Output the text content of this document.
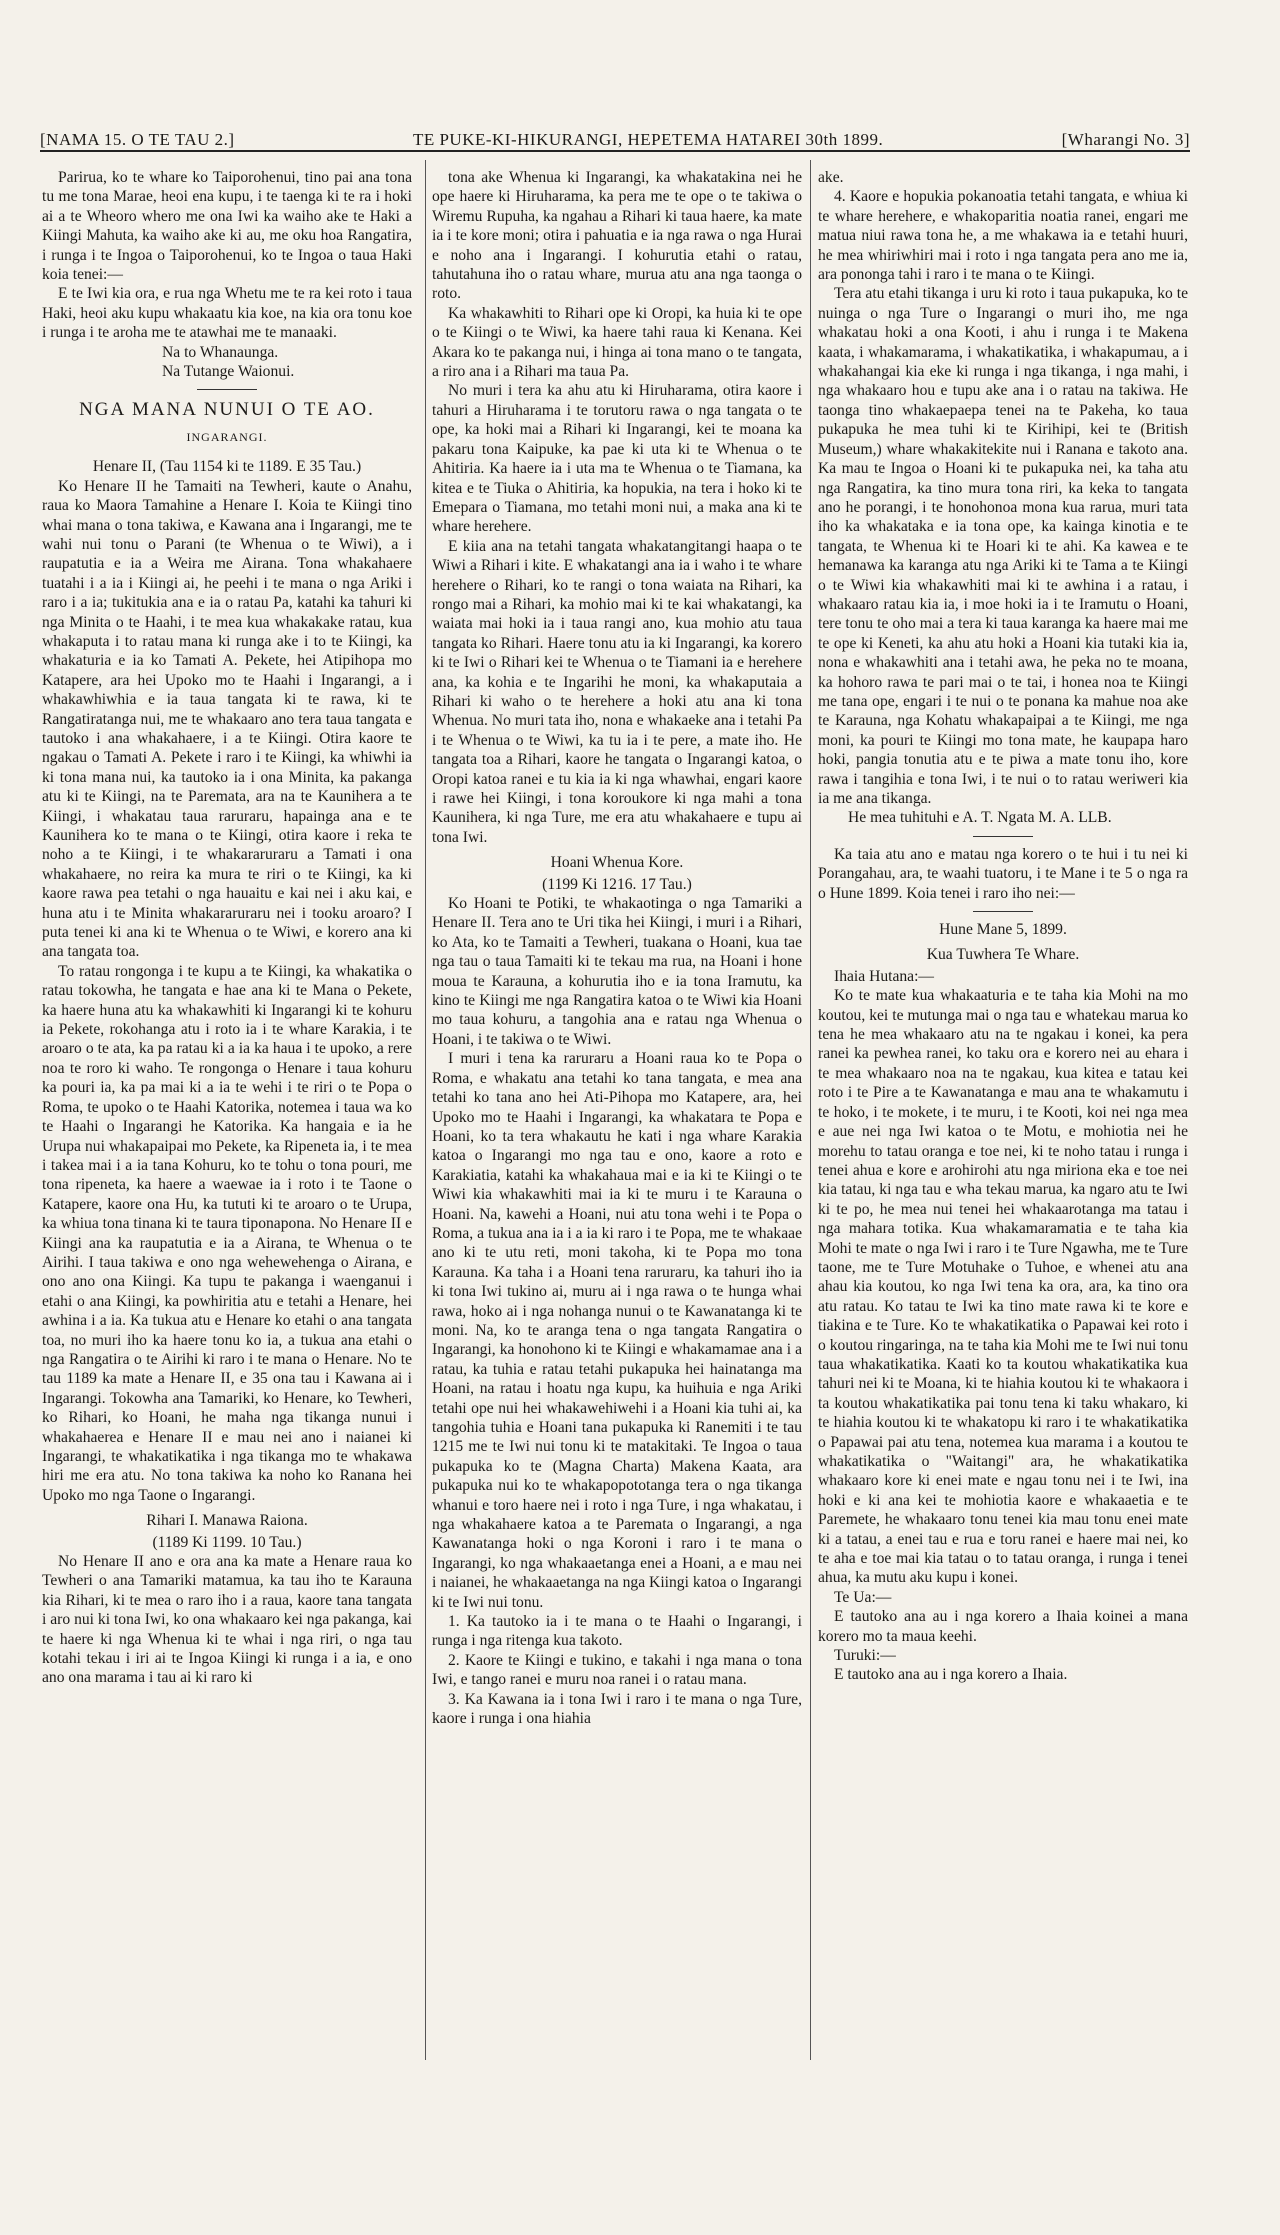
[NAMA 15. O TE TAU 2.]	TE PUKE-KI-HIKURANGI, HEPETEMA HATAREI 30th 1899.	[Wharangi No. 3]

Parirua, ko te whare ko Taiporohenui, tino pai ana tona tu me tona Marae, heoi ena kupu, i te taenga ki te ra i hoki ai a te Wheoro whero me ona Iwi ka waiho ake te Haki a Kiingi Mahuta, ka waiho ake ki au, me oku hoa Rangatira, i runga i te Ingoa o Taiporohenui, ko te Ingoa o taua Haki koia tenei:—

E te Iwi kia ora, e rua nga Whetu me te ra kei roto i taua Haki, heoi aku kupu whakaatu kia koe, na kia ora tonu koe i runga i te aroha me te atawhai me te manaaki.

Na to Whanaunga.

Na Tutange Waionui.

NGA MANA NUNUI O TE AO.

INGARANGI.

Henare II, (Tau 1154 ki te 1189. E 35 Tau.)

Ko Henare II he Tamaiti na Tewheri, kaute o Anahu, raua ko Maora Tamahine a Henare I. Koia te Kiingi tino whai mana o tona takiwa, e Kawana ana i Ingarangi, me te wahi nui tonu o Parani (te Whenua o te Wiwi), a i raupatutia e ia a Weira me Airana. Tona whakahaere tuatahi i a ia i Kiingi ai, he peehi i te mana o nga Ariki i raro i a ia; tukitukia ana e ia o ratau Pa, katahi ka tahuri ki nga Minita o te Haahi, i te mea kua whakakake ratau, kua whakaputa i to ratau mana ki runga ake i to te Kiingi, ka whakaturia e ia ko Tamati A. Pekete, hei Atipihopa mo Katapere, ara hei Upoko mo te Haahi i Ingarangi, a i whakawhiwhia e ia taua tangata ki te rawa, ki te Rangatiratanga nui, me te whakaaro ano tera taua tangata e tautoko i ana whakahaere, i a te Kiingi. Otira kaore te ngakau o Tamati A. Pekete i raro i te Kiingi, ka whiwhi ia ki tona mana nui, ka tautoko ia i ona Minita, ka pakanga atu ki te Kiingi, na te Paremata, ara na te Kaunihera a te Kiingi, i whakatau taua raruraru, hapainga ana e te Kaunihera ko te mana o te Kiingi, otira kaore i reka te noho a te Kiingi, i te whakararuraru a Tamati i ona whakahaere, no reira ka mura te riri o te Kiingi, ka ki kaore rawa pea tetahi o nga hauaitu e kai nei i aku kai, e huna atu i te Minita whakararuraru nei i tooku aroaro? I puta tenei ki ana ki te Whenua o te Wiwi, e korero ana ki ana tangata toa.

To ratau rongonga i te kupu a te Kiingi, ka whakatika o ratau tokowha, he tangata e hae ana ki te Mana o Pekete, ka haere huna atu ka whakawhiti ki Ingarangi ki te kohuru ia Pekete, rokohanga atu i roto ia i te whare Karakia, i te aroaro o te ata, ka pa ratau ki a ia ka haua i te upoko, a rere noa te roro ki waho. Te rongonga o Henare i taua kohuru ka pouri ia, ka pa mai ki a ia te wehi i te riri o te Popa o Roma, te upoko o te Haahi Katorika, notemea i taua wa ko te Haahi o Ingarangi he Katorika. Ka hangaia e ia he Urupa nui whakapaipai mo Pekete, ka Ripeneta ia, i te mea i takea mai i a ia tana Kohuru, ko te tohu o tona pouri, me tona ripeneta, ka haere a waewae ia i roto i te Taone o Katapere, kaore ona Hu, ka tututi ki te aroaro o te Urupa, ka whiua tona tinana ki te taura tiponapona. No Henare II e Kiingi ana ka raupatutia e ia a Airana, te Whenua o te Airihi. I taua takiwa e ono nga wehewehenga o Airana, e ono ano ona Kiingi. Ka tupu te pakanga i waenganui i etahi o ana Kiingi, ka powhiritia atu e tetahi a Henare, hei awhina i a ia. Ka tukua atu e Henare ko etahi o ana tangata toa, no muri iho ka haere tonu ko ia, a tukua ana etahi o nga Rangatira o te Airihi ki raro i te mana o Henare. No te tau 1189 ka mate a Henare II, e 35 ona tau i Kawana ai i Ingarangi. Tokowha ana Tamariki, ko Henare, ko Tewheri, ko Rihari, ko Hoani, he maha nga tikanga nunui i whakahaerea e Henare II e mau nei ano i naianei ki Ingarangi, te whakatikatika i nga tikanga mo te whakawa hiri me era atu. No tona takiwa ka noho ko Ranana hei Upoko mo nga Taone o Ingarangi.

Rihari I. Manawa Raiona.

(1189 Ki 1199. 10 Tau.)

No Henare II ano e ora ana ka mate a Henare raua ko Tewheri o ana Tamariki matamua, ka tau iho te Karauna kia Rihari, ki te mea o raro iho i a raua, kaore tana tangata i aro nui ki tona Iwi, ko ona whakaaro kei nga pakanga, kai te haere ki nga Whenua ki te whai i nga riri, o nga tau kotahi tekau i iri ai te Ingoa Kiingi ki runga i a ia, e ono ano ona marama i tau ai ki raro ki

tona ake Whenua ki Ingarangi, ka whakatakina nei he ope haere ki Hiruharama, ka pera me te ope o te takiwa o Wiremu Rupuha, ka ngahau a Rihari ki taua haere, ka mate ia i te kore moni; otira i pahuatia e ia nga rawa o nga Hurai e noho ana i Ingarangi. I kohurutia etahi o ratau, tahutahuna iho o ratau whare, murua atu ana nga taonga o roto.

Ka whakawhiti to Rihari ope ki Oropi, ka huia ki te ope o te Kiingi o te Wiwi, ka haere tahi raua ki Kenana. Kei Akara ko te pakanga nui, i hinga ai tona mano o te tangata, a riro ana i a Rihari ma taua Pa.

No muri i tera ka ahu atu ki Hiruharama, otira kaore i tahuri a Hiruharama i te torutoru rawa o nga tangata o te ope, ka hoki mai a Rihari ki Ingarangi, kei te moana ka pakaru tona Kaipuke, ka pae ki uta ki te Whenua o te Ahitiria. Ka haere ia i uta ma te Whenua o te Tiamana, ka kitea e te Tiuka o Ahitiria, ka hopukia, na tera i hoko ki te Emepara o Tiamana, mo tetahi moni nui, a maka ana ki te whare herehere.

E kiia ana na tetahi tangata whakatangitangi haapa o te Wiwi a Rihari i kite. E whakatangi ana ia i waho i te whare herehere o Rihari, ko te rangi o tona waiata na Rihari, ka rongo mai a Rihari, ka mohio mai ki te kai whakatangi, ka waiata mai hoki ia i taua rangi ano, kua mohio atu taua tangata ko Rihari. Haere tonu atu ia ki Ingarangi, ka korero ki te Iwi o Rihari kei te Whenua o te Tiamani ia e herehere ana, ka kohia e te Ingarihi he moni, ka whakaputaia a Rihari ki waho o te herehere a hoki atu ana ki tona Whenua. No muri tata iho, nona e whakaeke ana i tetahi Pa i te Whenua o te Wiwi, ka tu ia i te pere, a mate iho. He tangata toa a Rihari, kaore he tangata o Ingarangi katoa, o Oropi katoa ranei e tu kia ia ki nga whawhai, engari kaore i rawe hei Kiingi, i tona koroukore ki nga mahi a tona Kaunihera, ki nga Ture, me era atu whakahaere e tupu ai tona Iwi.

Hoani Whenua Kore.

(1199 Ki 1216. 17 Tau.)

Ko Hoani te Potiki, te whakaotinga o nga Tamariki a Henare II. Tera ano te Uri tika hei Kiingi, i muri i a Rihari, ko Ata, ko te Tamaiti a Tewheri, tuakana o Hoani, kua tae nga tau o taua Tamaiti ki te tekau ma rua, na Hoani i hone moua te Karauna, a kohurutia iho e ia tona Iramutu, ka kino te Kiingi me nga Rangatira katoa o te Wiwi kia Hoani mo taua kohuru, a tangohia ana e ratau nga Whenua o Hoani, i te takiwa o te Wiwi.

I muri i tena ka raruraru a Hoani raua ko te Popa o Roma, e whakatu ana tetahi ko tana tangata, e mea ana tetahi ko tana ano hei Ati-Pihopa mo Katapere, ara, hei Upoko mo te Haahi i Ingarangi, ka whakatara te Popa e Hoani, ko ta tera whakautu he kati i nga whare Karakia katoa o Ingarangi mo nga tau e ono, kaore a roto e Karakiatia, katahi ka whakahaua mai e ia ki te Kiingi o te Wiwi kia whakawhiti mai ia ki te muru i te Karauna o Hoani. Na, kawehi a Hoani, nui atu tona wehi i te Popa o Roma, a tukua ana ia i a ia ki raro i te Popa, me te whakaae ano ki te utu reti, moni takoha, ki te Popa mo tona Karauna. Ka taha i a Hoani tena raruraru, ka tahuri iho ia ki tona Iwi tukino ai, muru ai i nga rawa o te hunga whai rawa, hoko ai i nga nohanga nunui o te Kawanatanga ki te moni. Na, ko te aranga tena o nga tangata Rangatira o Ingarangi, ka honohono ki te Kiingi e whakamamae ana i a ratau, ka tuhia e ratau tetahi pukapuka hei hainatanga ma Hoani, na ratau i hoatu nga kupu, ka huihuia e nga Ariki tetahi ope nui hei whakawehiwehi i a Hoani kia tuhi ai, ka tangohia tuhia e Hoani tana pukapuka ki Ranemiti i te tau 1215 me te Iwi nui tonu ki te matakitaki. Te Ingoa o taua pukapuka ko te (Magna Charta) Makena Kaata, ara pukapuka nui ko te whakapopototanga tera o nga tikanga whanui e toro haere nei i roto i nga Ture, i nga whakatau, i nga whakahaere katoa a te Paremata o Ingarangi, a nga Kawanatanga hoki o nga Koroni i raro i te mana o Ingarangi, ko nga whakaaetanga enei a Hoani, a e mau nei i naianei, he whakaaetanga na nga Kiingi katoa o Ingarangi ki te Iwi nui tonu.

1. Ka tautoko ia i te mana o te Haahi o Ingarangi, i runga i nga ritenga kua takoto.

2. Kaore te Kiingi e tukino, e takahi i nga mana o tona Iwi, e tango ranei e muru noa ranei i o ratau mana.

3. Ka Kawana ia i tona Iwi i raro i te mana o nga Ture, kaore i runga i ona hiahia

ake.

4. Kaore e hopukia pokanoatia tetahi tangata, e whiua ki te whare herehere, e whakoparitia noatia ranei, engari me matua niui rawa tona he, a me whakawa ia e tetahi huuri, he mea whiriwhiri mai i roto i nga tangata pera ano me ia, ara pononga tahi i raro i te mana o te Kiingi.

Tera atu etahi tikanga i uru ki roto i taua pukapuka, ko te nuinga o nga Ture o Ingarangi o muri iho, me nga whakatau hoki a ona Kooti, i ahu i runga i te Makena kaata, i whakamarama, i whakatikatika, i whakapumau, a i whakahangai kia eke ki runga i nga tikanga, i nga mahi, i nga whakaaro hou e tupu ake ana i o ratau na takiwa. He taonga tino whakaepaepa tenei na te Pakeha, ko taua pukapuka he mea tuhi ki te Kirihipi, kei te (British Museum,) whare whakakitekite nui i Ranana e takoto ana. Ka mau te Ingoa o Hoani ki te pukapuka nei, ka taha atu nga Rangatira, ka tino mura tona riri, ka keka to tangata ano he porangi, i te honohonoa mona kua rarua, muri tata iho ka whakataka e ia tona ope, ka kainga kinotia e te tangata, te Whenua ki te Hoari ki te ahi. Ka kawea e te hemanawa ka karanga atu nga Ariki ki te Tama a te Kiingi o te Wiwi kia whakawhiti mai ki te awhina i a ratau, i whakaaro ratau kia ia, i moe hoki ia i te Iramutu o Hoani, tere tonu te oho mai a tera ki taua karanga ka haere mai me te ope ki Keneti, ka ahu atu hoki a Hoani kia tutaki kia ia, nona e whakawhiti ana i tetahi awa, he peka no te moana, ka hohoro rawa te pari mai o te tai, i honea noa te Kiingi me tana ope, engari i te nui o te ponana ka mahue noa ake te Karauna, nga Kohatu whakapaipai a te Kiingi, me nga moni, ka pouri te Kiingi mo tona mate, he kaupapa haro hoki, pangia tonutia atu e te piwa a mate tonu iho, kore rawa i tangihia e tona Iwi, i te nui o to ratau weriweri kia ia me ana tikanga.

He mea tuhituhi e A. T. Ngata M. A. LLB.

Ka taia atu ano e matau nga korero o te hui i tu nei ki Porangahau, ara, te waahi tuatoru, i te Mane i te 5 o nga ra o Hune 1899. Koia tenei i raro iho nei:—

Hune Mane 5, 1899.

Kua Tuwhera Te Whare.

Ihaia Hutana:—

Ko te mate kua whakaaturia e te taha kia Mohi na mo koutou, kei te mutunga mai o nga tau e whatekau marua ko tena he mea whakaaro atu na te ngakau i konei, ka pera ranei ka pewhea ranei, ko taku ora e korero nei au ehara i te mea whakaaro noa na te ngakau, kua kitea e tatau kei roto i te Pire a te Kawanatanga e mau ana te whakamutu i te hoko, i te mokete, i te muru, i te Kooti, koi nei nga mea e aue nei nga Iwi katoa o te Motu, e mohiotia nei he morehu to tatau oranga e toe nei, ki te noho tatau i runga i tenei ahua e kore e arohirohi atu nga miriona eka e toe nei kia tatau, ki nga tau e wha tekau marua, ka ngaro atu te Iwi ki te po, he mea nui tenei hei whakaarotanga ma tatau i nga mahara totika. Kua whakamaramatia e te taha kia Mohi te mate o nga Iwi i raro i te Ture Ngawha, me te Ture taone, me te Ture Motuhake o Tuhoe, e whenei atu ana ahau kia koutou, ko nga Iwi tena ka ora, ara, ka tino ora atu ratau. Ko tatau te Iwi ka tino mate rawa ki te kore e tiakina e te Ture. Ko te whakatikatika o Papawai kei roto i o koutou ringaringa, na te taha kia Mohi me te Iwi nui tonu taua whakatikatika. Kaati ko ta koutou whakatikatika kua tahuri nei ki te Moana, ki te hiahia koutou ki te whakaora i ta koutou whakatikatika pai tonu tena ki taku whakaro, ki te hiahia koutou ki te whakatopu ki raro i te whakatikatika o Papawai pai atu tena, notemea kua marama i a koutou te whakatikatika o "Waitangi" ara, he whakatikatika whakaaro kore ki enei mate e ngau tonu nei i te Iwi, ina hoki e ki ana kei te mohiotia kaore e whakaaetia e te Paremete, he whakaaro tonu tenei kia mau tonu enei mate ki a tatau, a enei tau e rua e toru ranei e haere mai nei, ko te aha e toe mai kia tatau o to tatau oranga, i runga i tenei ahua, ka mutu aku kupu i konei.

Te Ua:—

E tautoko ana au i nga korero a Ihaia koinei a mana korero mo ta maua keehi.

Turuki:—

E tautoko ana au i nga korero a Ihaia.
